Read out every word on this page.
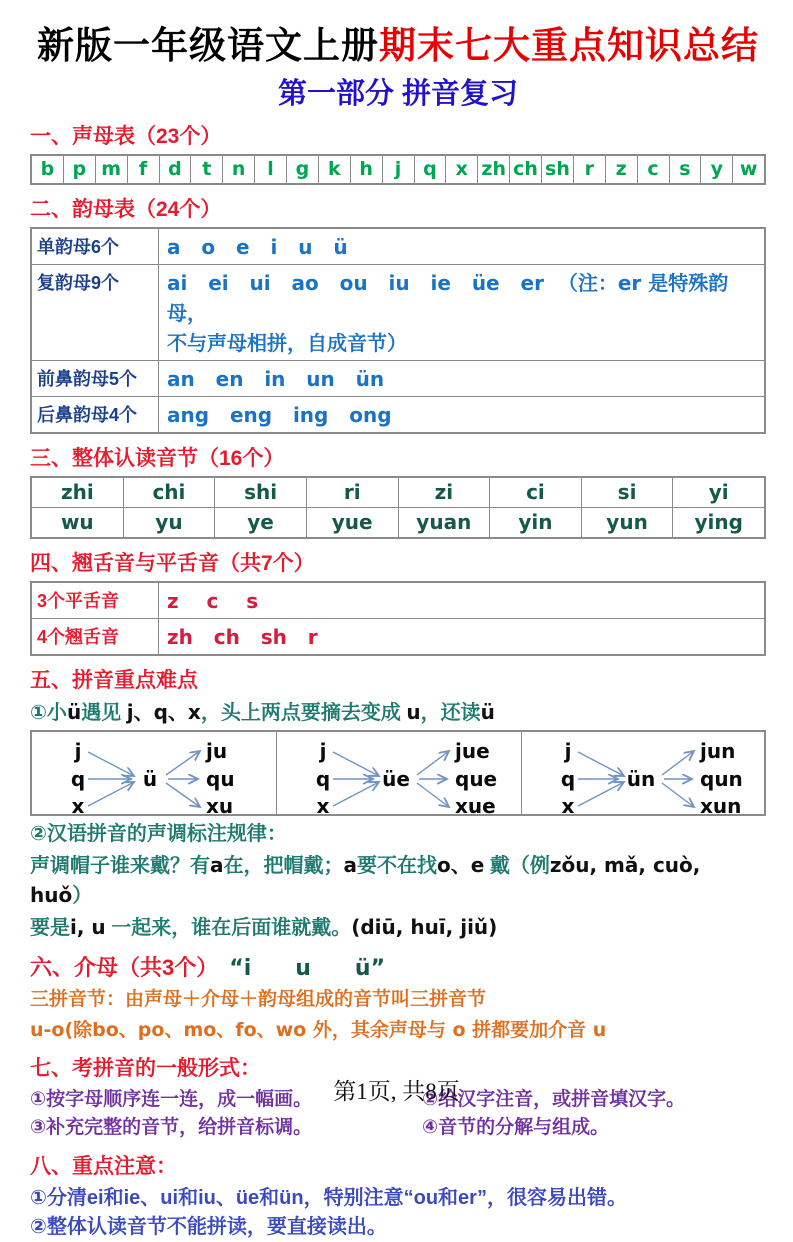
新版一年级语文上册期末七大重点知识总结
第一部分 拼音复习
一、声母表（23个）
b p m f	d	t	n	l	g k h	j	q x zh ch sh r	z	c	s	y w
二、韵母表（24个）
单韵母6个	a   o   e   i   u   ü
复韵母9个	ai   ei   ui   ao   ou   iu   ie   üe   er  （注：er 是特殊韵母，
不与声母相拼，自成音节）
前鼻韵母5个	an   en   in   un   ün
后鼻韵母4个	ang   eng   ing   ong
三、整体认读音节（16个）
zhi	chi	shi	ri	zi	ci	si	yi
wu	yu	ye	yue	yuan	yin	yun	ying
四、翘舌音与平舌音（共7个）
3个平舌音	z    c    s
4个翘舌音	zh   ch   sh   r
五、拼音重点难点
①小ü遇见 j、q、x，头上两点要摘去变成 u，还读ü
j
q
x
ü
ju
qu
xu
j
q
x
üe
jue
que
xue
j
q
x
ün
jun
qun
xun
②汉语拼音的声调标注规律：
声调帽子谁来戴？有a在，把帽戴；a要不在找o、e 戴（例zǒu, mǎ, cuò, huǒ）
要是i, u 一起来，谁在后面谁就戴。(diū, huī, jiǔ)
六、介母（共3个）　 “i　　u　　ü”
三拼音节：由声母＋介母＋韵母组成的音节叫三拼音节
u-o(除bo、po、mo、fo、wo 外，其余声母与 o 拼都要加介音 u
七、考拼音的一般形式：
①按字母顺序连一连，成一幅画。	②给汉字注音，或拼音填汉字。
③补充完整的音节，给拼音标调。	④音节的分解与组成。
八、重点注意：
①分清ei和ie、ui和iu、üe和ün，特别注意“ou和er”，很容易出错。
②整体认读音节不能拼读，要直接读出。
第1页, 共8页
